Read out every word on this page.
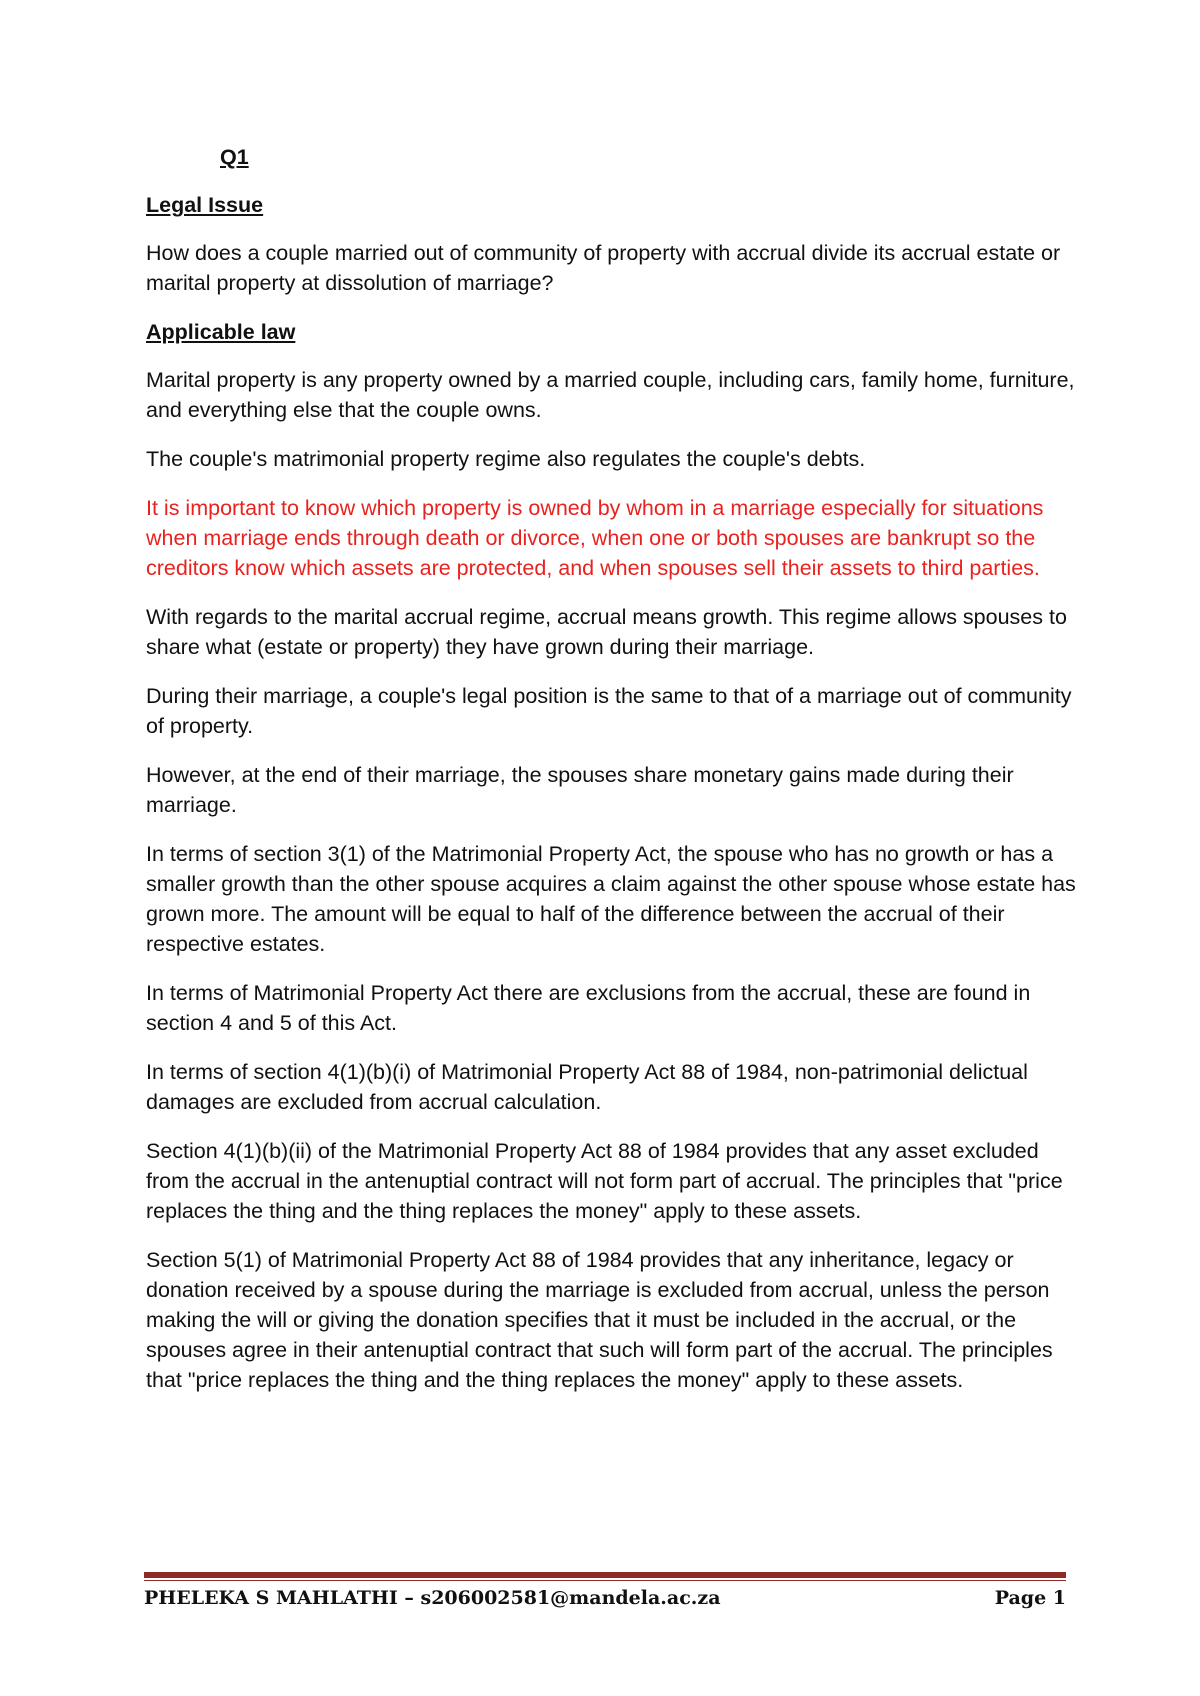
Q1
Legal Issue

How does a couple married out of community of property with accrual divide its accrual estate or marital property at dissolution of marriage?

Applicable law

Marital property is any property owned by a married couple, including cars, family home, furniture, and everything else that the couple owns.

The couple's matrimonial property regime also regulates the couple's debts.

It is important to know which property is owned by whom in a marriage especially for situations when marriage ends through death or divorce, when one or both spouses are bankrupt so the creditors know which assets are protected, and when spouses sell their assets to third parties.

With regards to the marital accrual regime, accrual means growth. This regime allows spouses to share what (estate or property) they have grown during their marriage.

During their marriage, a couple's legal position is the same to that of a marriage out of community of property.

However, at the end of their marriage, the spouses share monetary gains made during their marriage.

In terms of section 3(1) of the Matrimonial Property Act, the spouse who has no growth or has a smaller growth than the other spouse acquires a claim against the other spouse whose estate has grown more. The amount will be equal to half of the difference between the accrual of their respective estates.

In terms of Matrimonial Property Act there are exclusions from the accrual, these are found in section 4 and 5 of this Act.

In terms of section 4(1)(b)(i) of Matrimonial Property Act 88 of 1984, non-patrimonial delictual damages are excluded from accrual calculation.

Section 4(1)(b)(ii) of the Matrimonial Property Act 88 of 1984 provides that any asset excluded from the accrual in the antenuptial contract will not form part of accrual. The principles that "price replaces the thing and the thing replaces the money" apply to these assets.

Section 5(1) of Matrimonial Property Act 88 of 1984 provides that any inheritance, legacy or donation received by a spouse during the marriage is excluded from accrual, unless the person making the will or giving the donation specifies that it must be included in the accrual, or the spouses agree in their antenuptial contract that such will form part of the accrual. The principles that "price replaces the thing and the thing replaces the money" apply to these assets.

PHELEKA S MAHLATHI – s206002581@mandela.ac.za	Page 1
